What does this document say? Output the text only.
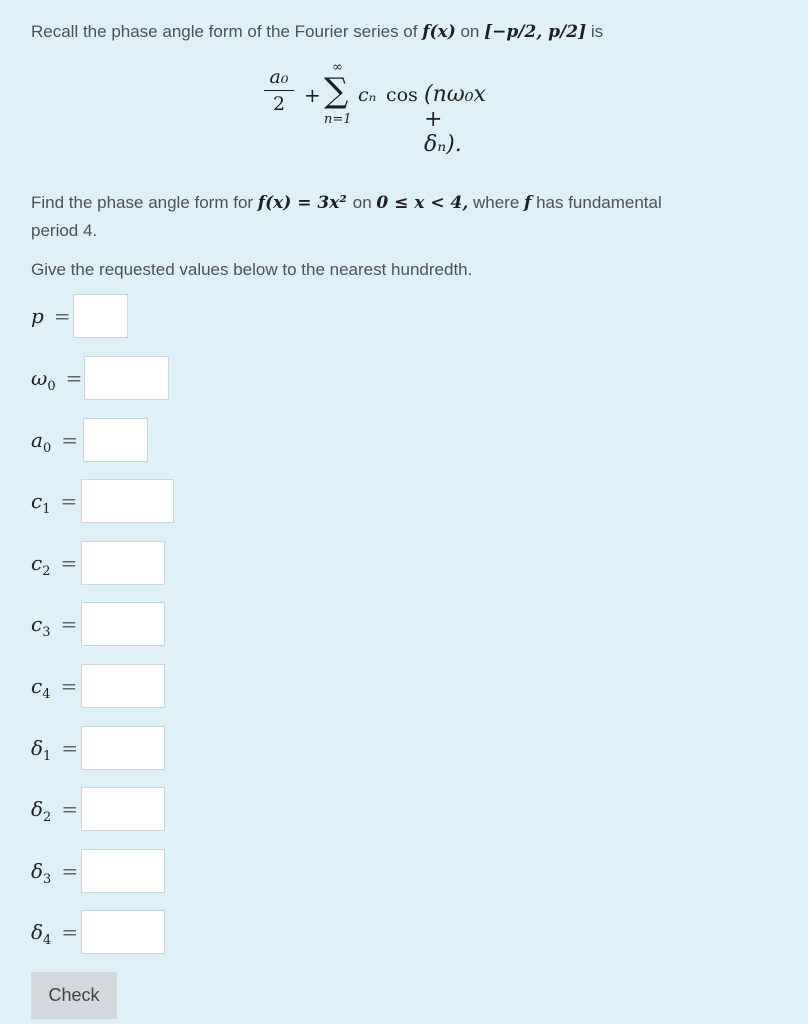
Recall the phase angle form of the Fourier series of f(x) on [−p/2, p/2] is
a₀
2 +
∞
∑
n=1
cₙ cos (nω₀x + δₙ).
Find the phase angle form for f(x) = 3x² on 0 ≤ x < 4, where f has fundamental
period 4.
Give the requested values below to the nearest hundredth.
p =
$\omega_0$ =
$a_0$ =
$c_1$ =
$c_2$ =
$c_3$ =
$c_4$ =
$\delta_1$ =
$\delta_2$ =
$\delta_3$ =
$\delta_4$ =
Check
